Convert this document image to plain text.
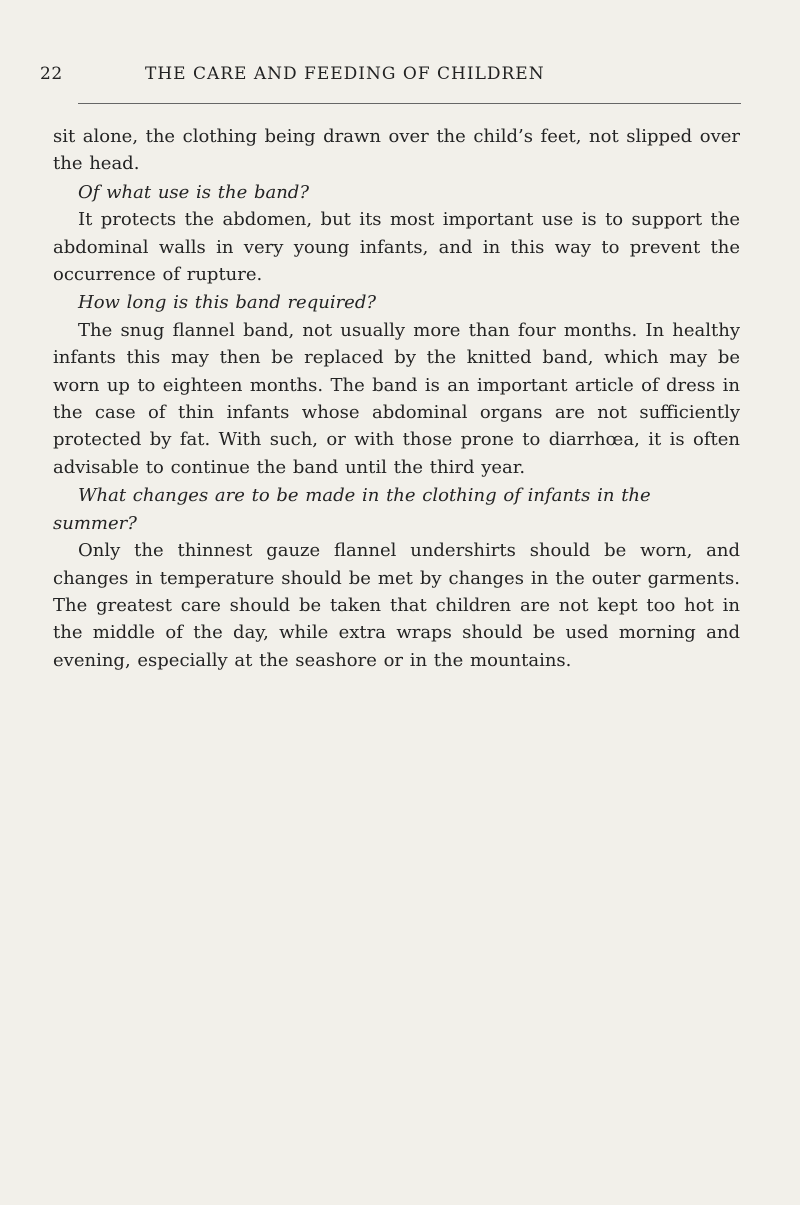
22	THE CARE AND FEEDING OF CHILDREN

sit alone, the clothing being drawn over the child’s feet, not slipped over the head.

Of what use is the band?

It protects the abdomen, but its most important use is to support the abdominal walls in very young infants, and in this way to prevent the occurrence of rupture.

How long is this band required?

The snug flannel band, not usually more than four months. In healthy infants this may then be replaced by the knitted band, which may be worn up to eighteen months. The band is an important article of dress in the case of thin infants whose abdominal organs are not sufficiently protected by fat. With such, or with those prone to diarrhœa, it is often advisable to continue the band until the third year.

What changes are to be made in the clothing of infants in the summer?

Only the thinnest gauze flannel undershirts should be worn, and changes in temperature should be met by changes in the outer garments. The greatest care should be taken that children are not kept too hot in the middle of the day, while extra wraps should be used morning and evening, especially at the seashore or in the mountains.
